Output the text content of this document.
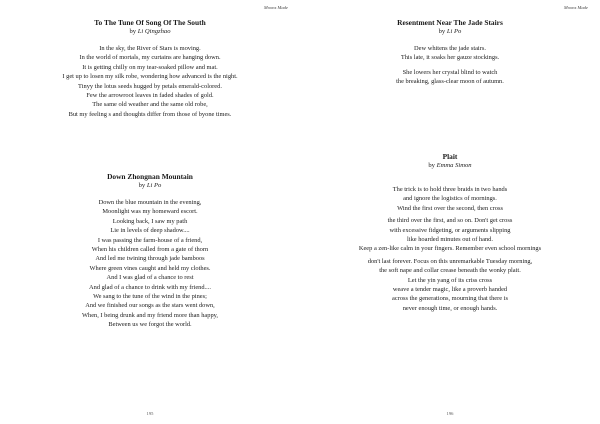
Moons Made

To The Tune Of Song Of The South

by Li Qingzhao

In the sky, the River of Stars is moving.
In the world of mortals, my curtains are hanging down.
It is getting chilly on my tear-soaked pillow and mat.
I get up to losen my silk robe, wondering how advanced is the night.
Tinyy the lotus seeds hugged by petals emerald-colored.
Few the arrowroot leaves in faded shades of gold.
The same old weather and the same old robe,
But my feeling s and thoughts differ from those of byone times.

Down Zhongnan Mountain

by Li Po

Down the blue mountain in the evening,
Moonlight was my homeward escort.
Looking back, I saw my path
Lie in levels of deep shadow....
I was passing the farm-house of a friend,
When his children called from a gate of thorn
And led me twining through jade bamboos
Where green vines caught and held my clothes.
And I was glad of a chance to rest
And glad of a chance to drink with my friend....
We sang to the tune of the wind in the pines;
And we finished our songs as the stars went down,
When, I being drunk and my friend more than happy,
Between us we forgot the world.
195
Moons Made

Resentment Near The Jade Stairs

by Li Po

Dew whitens the jade stairs.
This late, it soaks her gauze stockings.
She lowers her crystal blind to watch
the breaking, glass-clear moon of autumn.

Plait

by Emma Simon

The trick is to hold three braids in two hands
and ignore the logistics of mornings.
Wind the first over the second, then cross
the third over the first, and so on. Don't get cross
with excessive fidgeting, or arguments slipping
like hoarded minutes out of hand.
Keep a zen-like calm in your fingers. Remember even school mornings
don't last forever. Focus on this unremarkable Tuesday morning,
the soft nape and collar crease beneath the wonky plait.
Let the yin yang of its criss cross
weave a tender magic, like a proverb handed
across the generations, mourning that there is
never enough time, or enough hands.
196
